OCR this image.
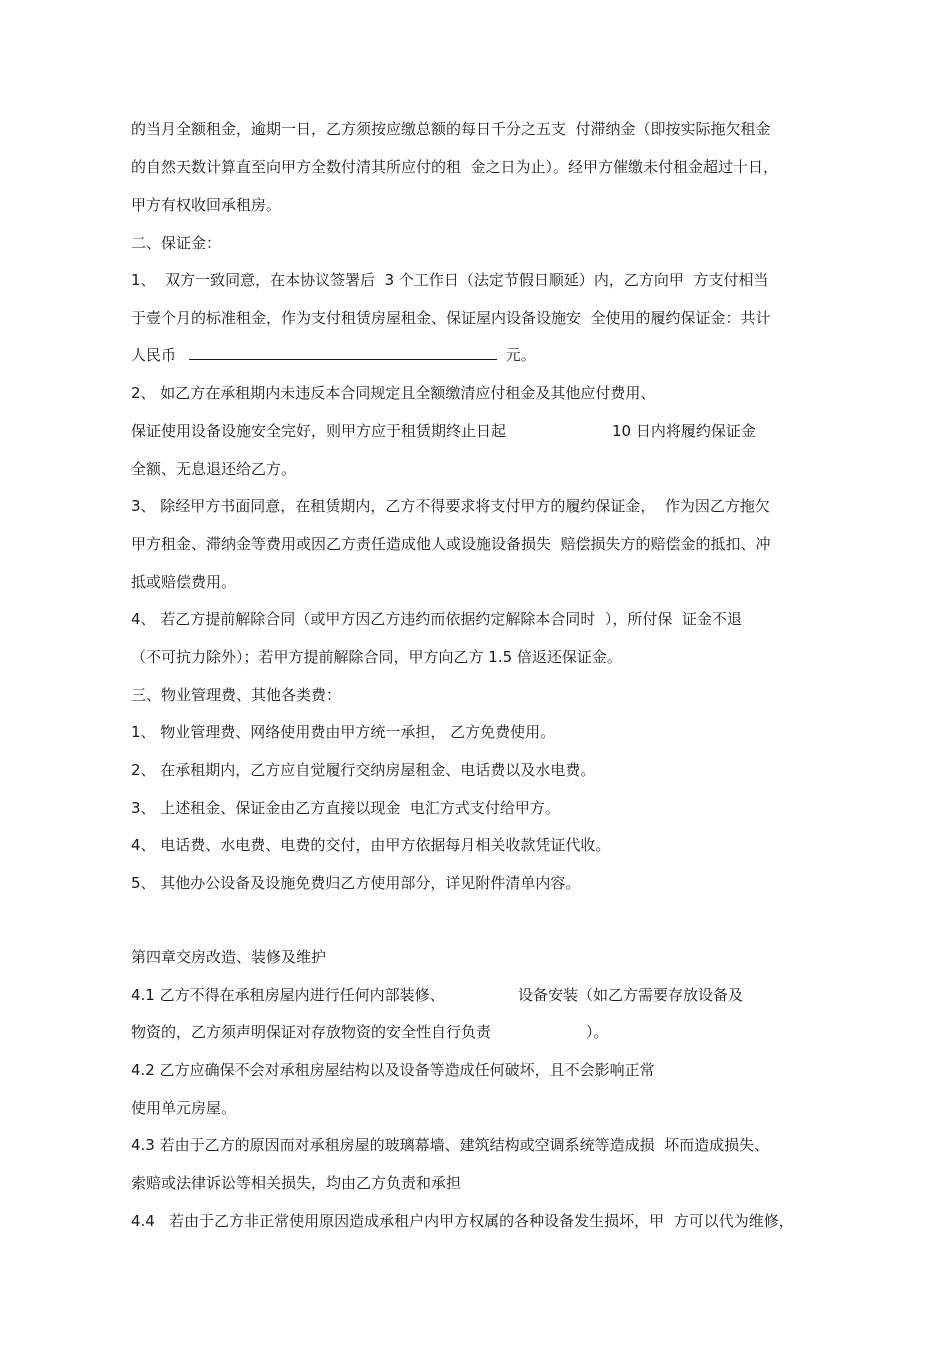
的当月全额租金，逾期一日，乙方须按应缴总额的每日千分之五支  付滞纳金（即按实际拖欠租金
的自然天数计算直至向甲方全数付清其所应付的租  金之日为止）。经甲方催缴未付租金超过十日，
甲方有权收回承租房。
二、保证金：
1、  双方一致同意，在本协议签署后  3 个工作日（法定节假日顺延）内，乙方向甲  方支付相当
于壹个月的标准租金，作为支付租赁房屋租金、保证屋内设备设施安  全使用的履约保证金：共计

人民币

	元。

2、 如乙方在承租期内未违反本合同规定且全额缴清应付租金及其他应付费用、

保证使用设备设施安全完好，则甲方应于租赁期终止日起

	10 日内将履约保证金

全额、无息退还给乙方。
3、 除经甲方书面同意，在租赁期内，乙方不得要求将支付甲方的履约保证金，  作为因乙方拖欠
甲方租金、滞纳金等费用或因乙方责任造成他人或设施设备损失  赔偿损失方的赔偿金的抵扣、冲
抵或赔偿费用。
4、 若乙方提前解除合同（或甲方因乙方违约而依据约定解除本合同时  ），所付保  证金不退
（不可抗力除外）；若甲方提前解除合同，甲方向乙方 1.5 倍返还保证金。
三、物业管理费、其他各类费：
1、 物业管理费、网络使用费由甲方统一承担， 乙方免费使用。
2、 在承租期内，乙方应自觉履行交纳房屋租金、电话费以及水电费。
3、 上述租金、保证金由乙方直接以现金  电汇方式支付给甲方。
4、 电话费、水电费、电费的交付，由甲方依据每月相关收款凭证代收。
5、 其他办公设备及设施免费归乙方使用部分，详见附件清单内容。
第四章交房改造、装修及维护

4.1 乙方不得在承租房屋内进行任何内部装修、

	设备安装（如乙方需要存放设备及

物资的，乙方须声明保证对存放物资的安全性自行负责

	）。

4.2 乙方应确保不会对承租房屋结构以及设备等造成任何破坏，且不会影响正常
使用单元房屋。
4.3 若由于乙方的原因而对承租房屋的玻璃幕墙、建筑结构或空调系统等造成损  坏而造成损失、
索赔或法律诉讼等相关损失，均由乙方负责和承担
4.4   若由于乙方非正常使用原因造成承租户内甲方权属的各种设备发生损坏，甲  方可以代为维修，
